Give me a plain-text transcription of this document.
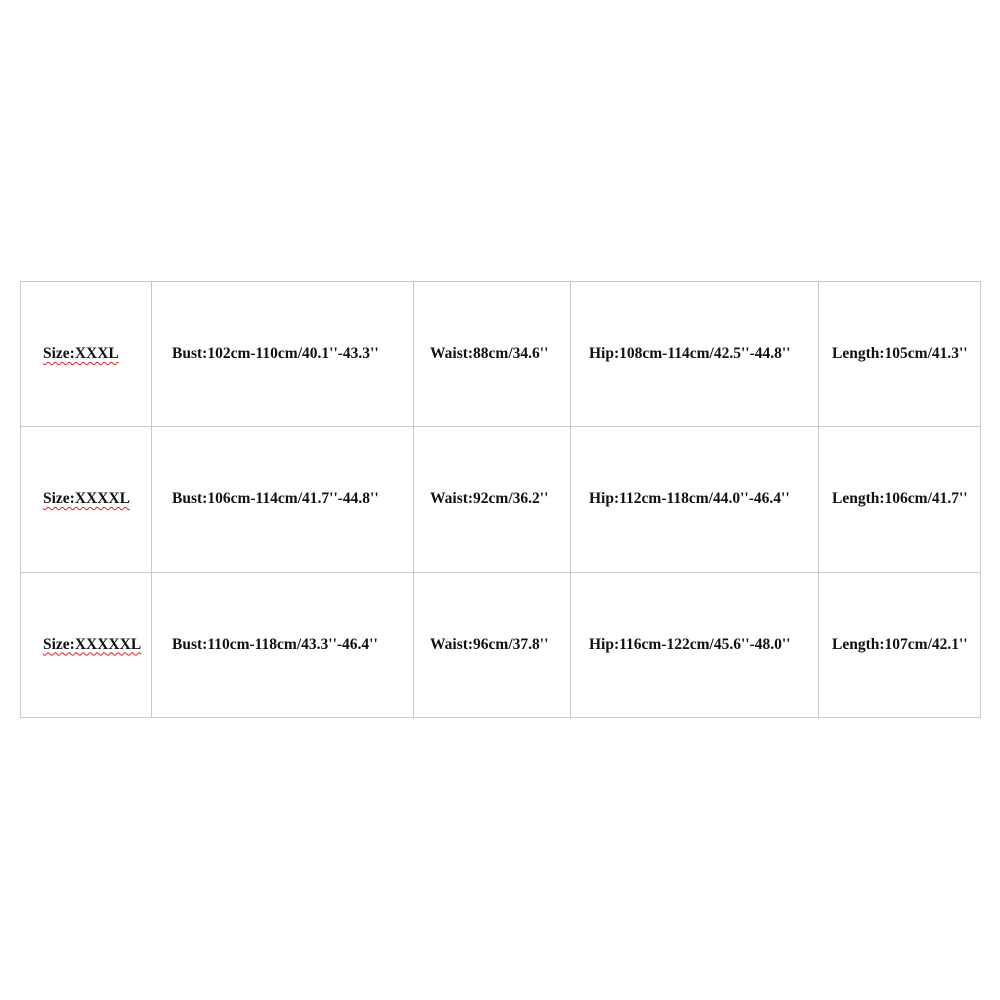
Size:XXXL	Bust:102cm-110cm/40.1''-43.3''	Waist:88cm/34.6''	Hip:108cm-114cm/42.5''-44.8''	Length:105cm/41.3''
Size:XXXXL	Bust:106cm-114cm/41.7''-44.8''	Waist:92cm/36.2''	Hip:112cm-118cm/44.0''-46.4''	Length:106cm/41.7''
Size:XXXXXL	Bust:110cm-118cm/43.3''-46.4''	Waist:96cm/37.8''	Hip:116cm-122cm/45.6''-48.0''	Length:107cm/42.1''
